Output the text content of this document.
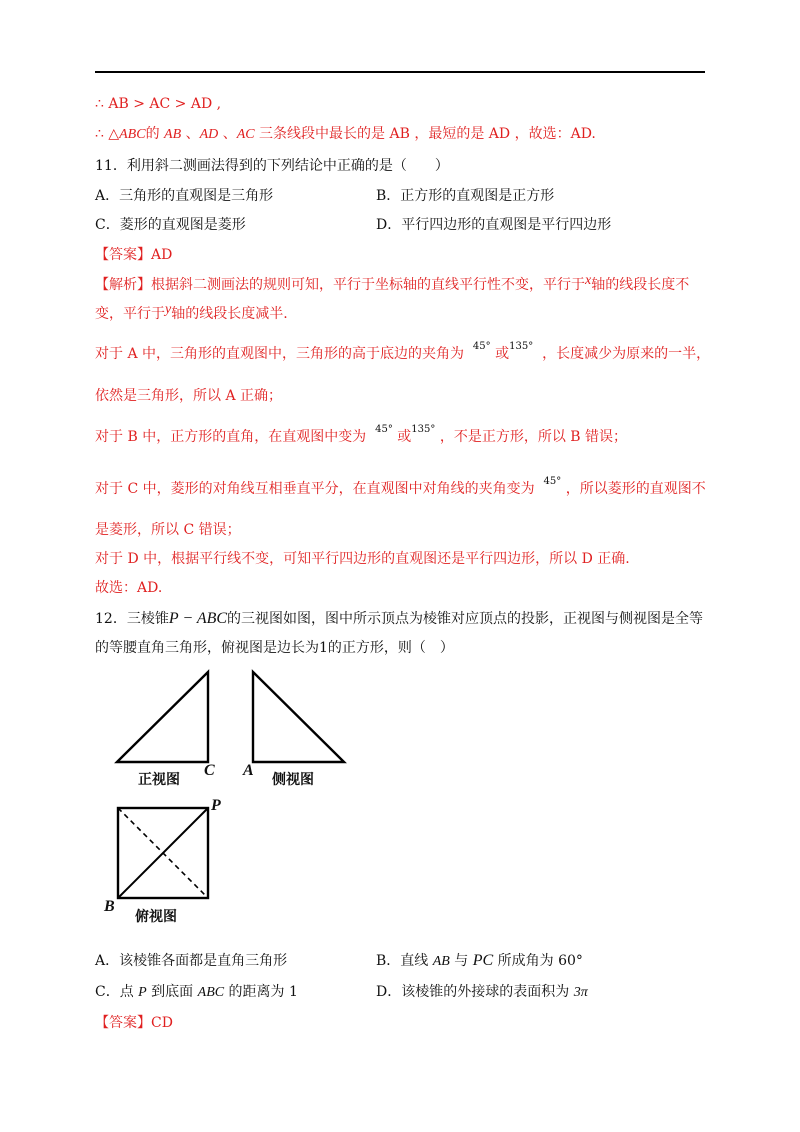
∴ AB > AC > AD ,
∴ △ABC的 AB 、AD 、AC 三条线段中最长的是 AB ，最短的是 AD ，故选：AD.
11．利用斜二测画法得到的下列结论中正确的是（　　）
A．三角形的直观图是三角形	B．正方形的直观图是正方形
C．菱形的直观图是菱形	D．平行四边形的直观图是平行四边形
【答案】AD
【解析】根据斜二测画法的规则可知，平行于坐标轴的直线平行性不变，平行于x轴的线段长度不
变，平行于y轴的线段长度减半.
对于 A 中，三角形的直观图中，三角形的高于底边的夹角为 $^{45^\circ}$ 或$^{135^\circ}$ ，长度减少为原来的一半，
依然是三角形，所以 A 正确；
对于 B 中，正方形的直角，在直观图中变为 $^{45^\circ}$ 或$^{135^\circ}$ ，不是正方形，所以 B 错误；
对于 C 中，菱形的对角线互相垂直平分，在直观图中对角线的夹角变为 $^{45^\circ}$ ，所以菱形的直观图不
是菱形，所以 C 错误；
对于 D 中，根据平行线不变，可知平行四边形的直观图还是平行四边形，所以 D 正确.
故选：AD.
12．三棱锥P − ABC的三视图如图，图中所示顶点为棱锥对应顶点的投影，正视图与侧视图是全等
的等腰直角三角形，俯视图是边长为1的正方形，则（　）
正视图
C A
侧视图
P
B
俯视图
A．该棱锥各面都是直角三角形	B．直线 AB 与 PC 所成角为 60°
C．点 P 到底面 ABC 的距离为 1	D．该棱锥的外接球的表面积为 3π
【答案】CD
